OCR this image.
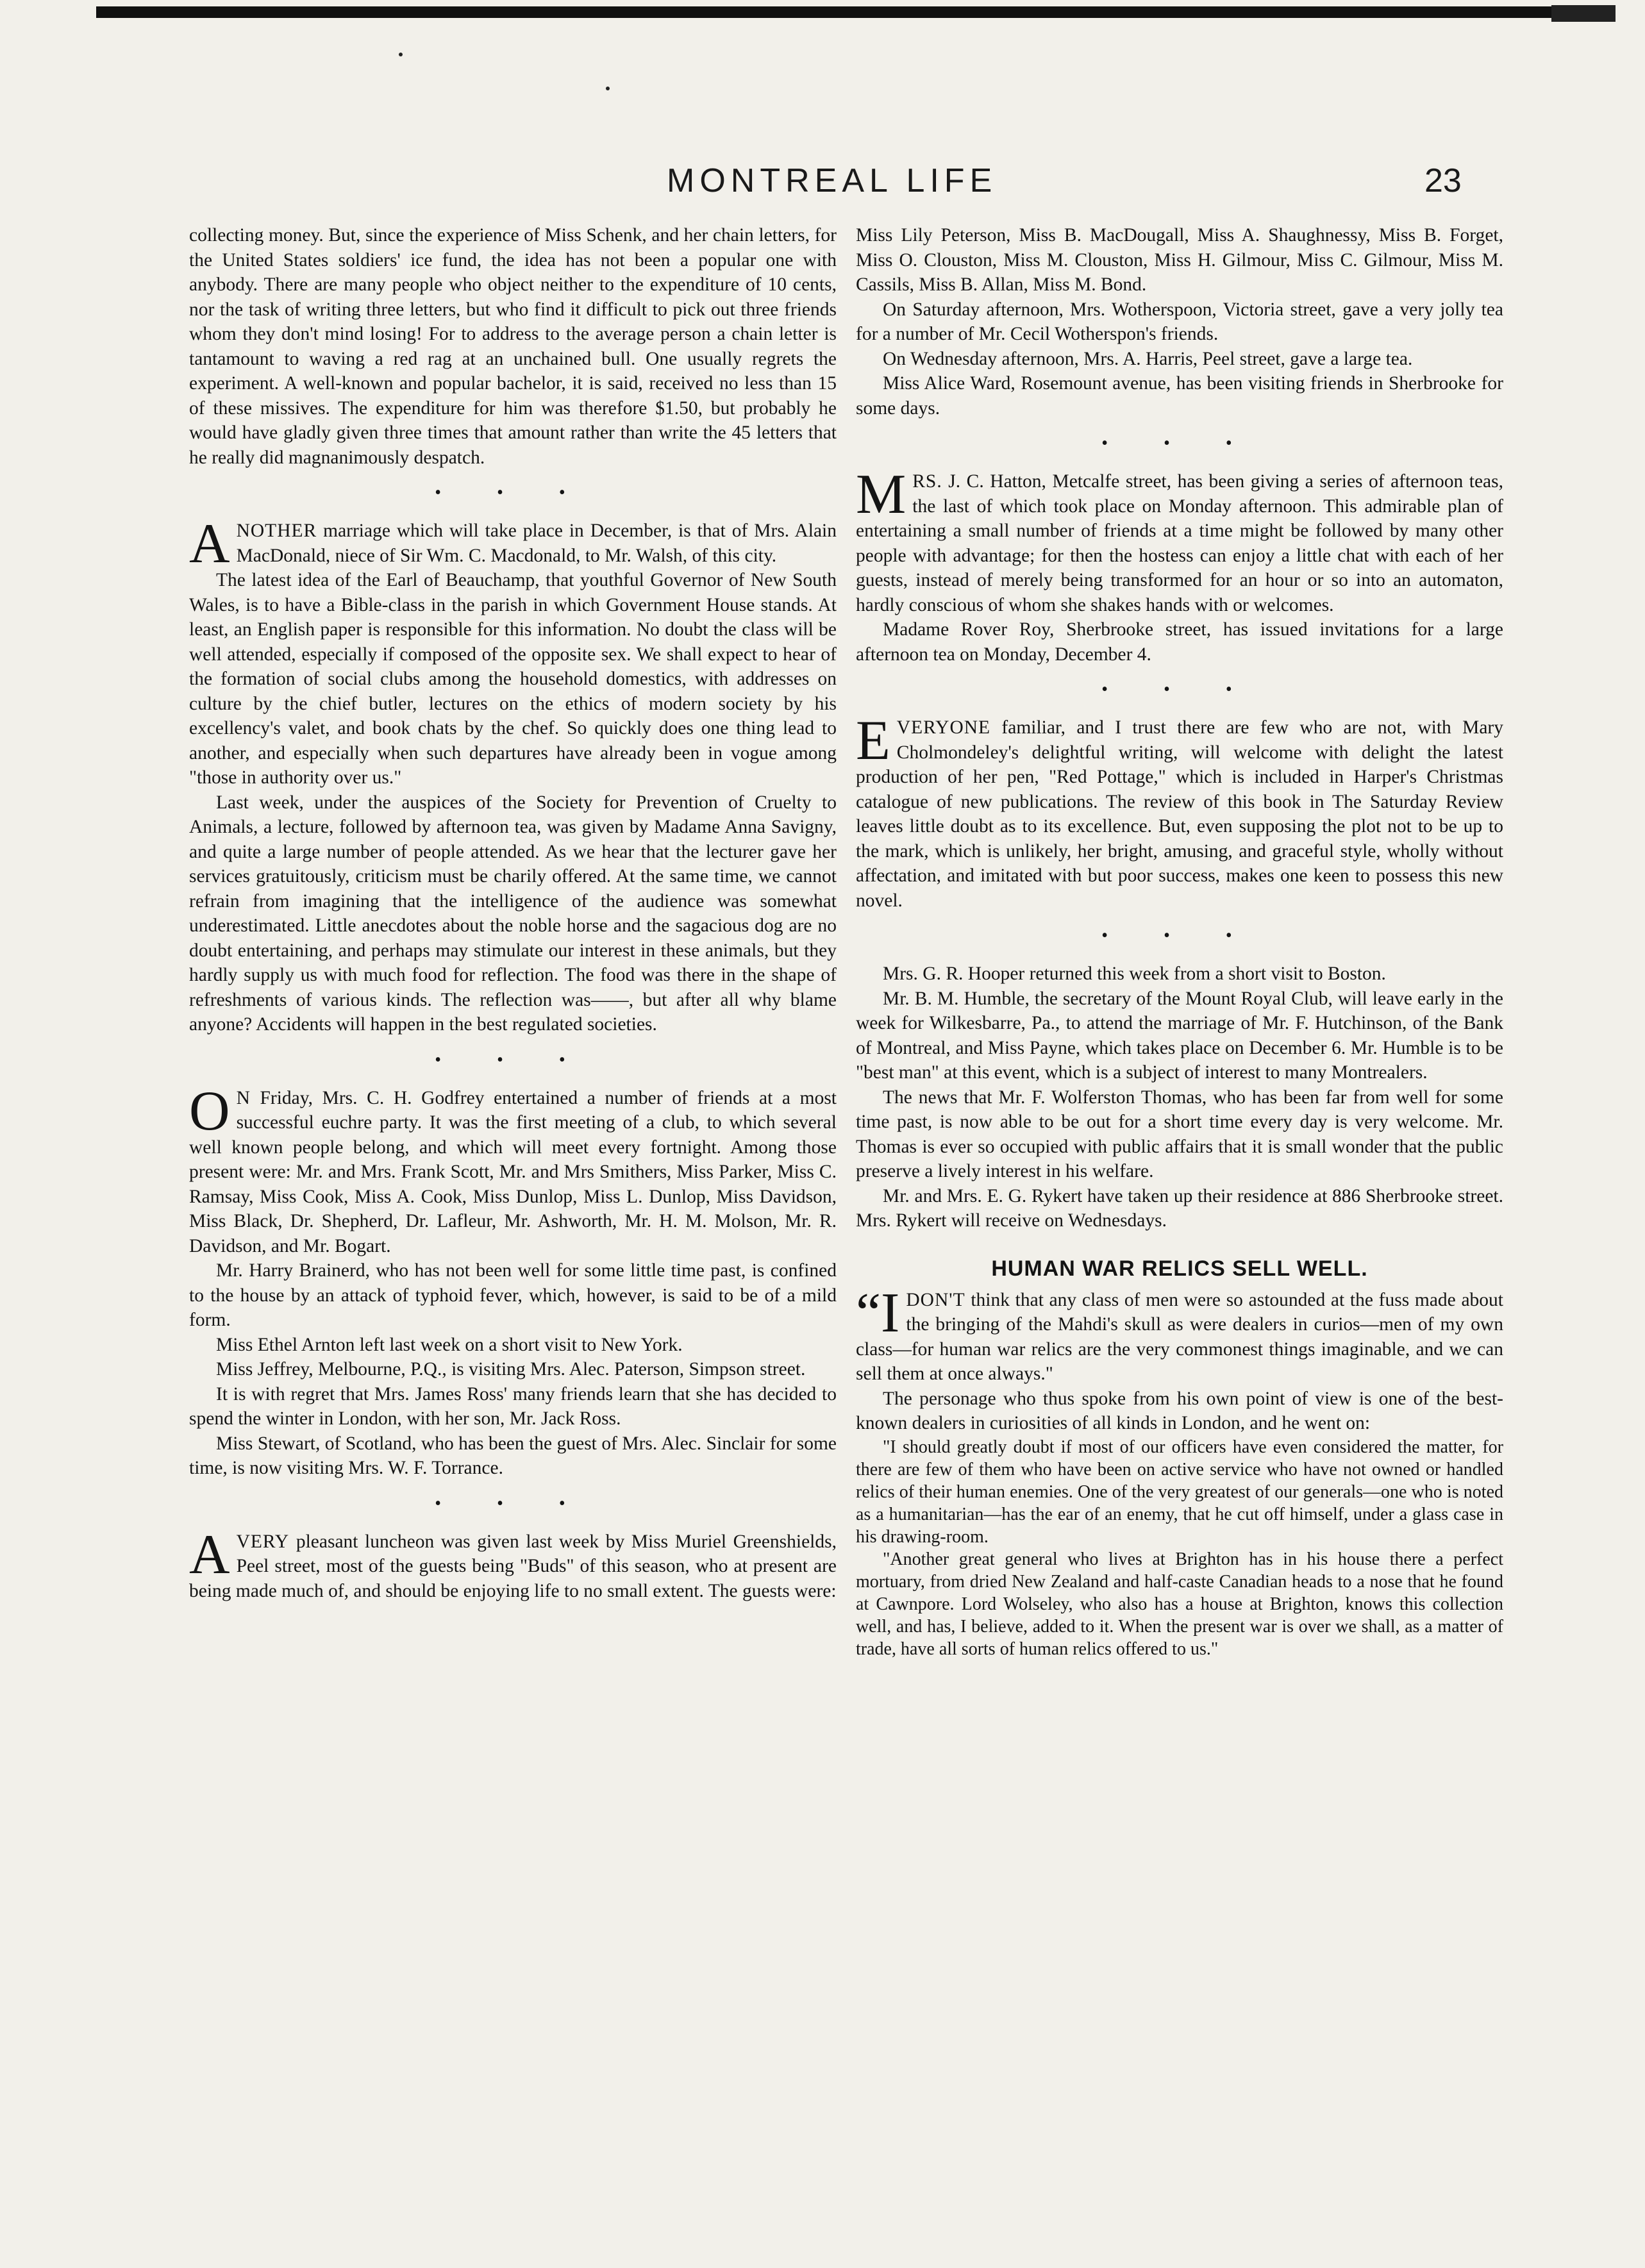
MONTREAL LIFE	23

collecting money. But, since the experience of Miss Schenk, and her chain letters, for the United States soldiers' ice fund, the idea has not been a popular one with anybody. There are many people who object neither to the expenditure of 10 cents, nor the task of writing three letters, but who find it difficult to pick out three friends whom they don't mind losing! For to address to the average person a chain letter is tantamount to waving a red rag at an unchained bull. One usually regrets the experiment. A well-known and popular bachelor, it is said, received no less than 15 of these missives. The expenditure for him was therefore $1.50, but probably he would have gladly given three times that amount rather than write the 45 letters that he really did magnanimously despatch.

• • •

ANOTHER marriage which will take place in December, is that of Mrs. Alain MacDonald, niece of Sir Wm. C. Macdonald, to Mr. Walsh, of this city.

The latest idea of the Earl of Beauchamp, that youthful Governor of New South Wales, is to have a Bible-class in the parish in which Government House stands. At least, an English paper is responsible for this information. No doubt the class will be well attended, especially if composed of the opposite sex. We shall expect to hear of the formation of social clubs among the household domestics, with addresses on culture by the chief butler, lectures on the ethics of modern society by his excellency's valet, and book chats by the chef. So quickly does one thing lead to another, and especially when such departures have already been in vogue among "those in authority over us."

Last week, under the auspices of the Society for Prevention of Cruelty to Animals, a lecture, followed by afternoon tea, was given by Madame Anna Savigny, and quite a large number of people attended. As we hear that the lecturer gave her services gratuitously, criticism must be charily offered. At the same time, we cannot refrain from imagining that the intelligence of the audience was somewhat underestimated. Little anecdotes about the noble horse and the sagacious dog are no doubt entertaining, and perhaps may stimulate our interest in these animals, but they hardly supply us with much food for reflection. The food was there in the shape of refreshments of various kinds. The reflection was——, but after all why blame anyone? Accidents will happen in the best regulated societies.

• • •

O N Friday, Mrs. C. H. Godfrey entertained a number of friends at a most successful euchre party. It was the first meeting of a club, to which several well known people belong, and which will meet every fortnight. Among those present were: Mr. and Mrs. Frank Scott, Mr. and Mrs Smithers, Miss Parker, Miss C. Ramsay, Miss Cook, Miss A. Cook, Miss Dunlop, Miss L. Dunlop, Miss Davidson, Miss Black, Dr. Shepherd, Dr. Lafleur, Mr. Ashworth, Mr. H. M. Molson, Mr. R. Davidson, and Mr. Bogart.

Mr. Harry Brainerd, who has not been well for some little time past, is confined to the house by an attack of typhoid fever, which, however, is said to be of a mild form.

Miss Ethel Arnton left last week on a short visit to New York.

Miss Jeffrey, Melbourne, P.Q., is visiting Mrs. Alec. Paterson, Simpson street.

It is with regret that Mrs. James Ross' many friends learn that she has decided to spend the winter in London, with her son, Mr. Jack Ross.

Miss Stewart, of Scotland, who has been the guest of Mrs. Alec. Sinclair for some time, is now visiting Mrs. W. F. Torrance.

• • •

AVERY pleasant luncheon was given last week by Miss Muriel Greenshields, Peel street, most of the guests being "Buds" of this season, who at present are being made much of, and should be enjoying life to no small extent. The guests were:

Miss Lily Peterson, Miss B. MacDougall, Miss A. Shaughnessy, Miss B. Forget, Miss O. Clouston, Miss M. Clouston, Miss H. Gilmour, Miss C. Gilmour, Miss M. Cassils, Miss B. Allan, Miss M. Bond.

On Saturday afternoon, Mrs. Wotherspoon, Victoria street, gave a very jolly tea for a number of Mr. Cecil Wotherspon's friends.

On Wednesday afternoon, Mrs. A. Harris, Peel street, gave a large tea.

Miss Alice Ward, Rosemount avenue, has been visiting friends in Sherbrooke for some days.

• • •

MRS. J. C. Hatton, Metcalfe street, has been giving a series of afternoon teas, the last of which took place on Monday afternoon. This admirable plan of entertaining a small number of friends at a time might be followed by many other people with advantage; for then the hostess can enjoy a little chat with each of her guests, instead of merely being transformed for an hour or so into an automaton, hardly conscious of whom she shakes hands with or welcomes.

Madame Rover Roy, Sherbrooke street, has issued invitations for a large afternoon tea on Monday, December 4.

• • •

EVERYONE familiar, and I trust there are few who are not, with Mary Cholmondeley's delightful writing, will welcome with delight the latest production of her pen, "Red Pottage," which is included in Harper's Christmas catalogue of new publications. The review of this book in The Saturday Review leaves little doubt as to its excellence. But, even supposing the plot not to be up to the mark, which is unlikely, her bright, amusing, and graceful style, wholly without affectation, and imitated with but poor success, makes one keen to possess this new novel.

• • •

Mrs. G. R. Hooper returned this week from a short visit to Boston.

Mr. B. M. Humble, the secretary of the Mount Royal Club, will leave early in the week for Wilkesbarre, Pa., to attend the marriage of Mr. F. Hutchinson, of the Bank of Montreal, and Miss Payne, which takes place on December 6. Mr. Humble is to be "best man" at this event, which is a subject of interest to many Montrealers.

The news that Mr. F. Wolferston Thomas, who has been far from well for some time past, is now able to be out for a short time every day is very welcome. Mr. Thomas is ever so occupied with public affairs that it is small wonder that the public preserve a lively interest in his welfare.

Mr. and Mrs. E. G. Rykert have taken up their residence at 886 Sherbrooke street. Mrs. Rykert will receive on Wednesdays.

HUMAN WAR RELICS SELL WELL.

“IDON'T think that any class of men were so astounded at the fuss made about the bringing of the Mahdi's skull as were dealers in curios—men of my own class—for human war relics are the very commonest things imaginable, and we can sell them at once always."

The personage who thus spoke from his own point of view is one of the best-known dealers in curiosities of all kinds in London, and he went on:

"I should greatly doubt if most of our officers have even considered the matter, for there are few of them who have been on active service who have not owned or handled relics of their human enemies. One of the very greatest of our generals—one who is noted as a humanitarian—has the ear of an enemy, that he cut off himself, under a glass case in his drawing-room.

"Another great general who lives at Brighton has in his house there a perfect mortuary, from dried New Zealand and half-caste Canadian heads to a nose that he found at Cawnpore. Lord Wolseley, who also has a house at Brighton, knows this collection well, and has, I believe, added to it. When the present war is over we shall, as a matter of trade, have all sorts of human relics offered to us."
